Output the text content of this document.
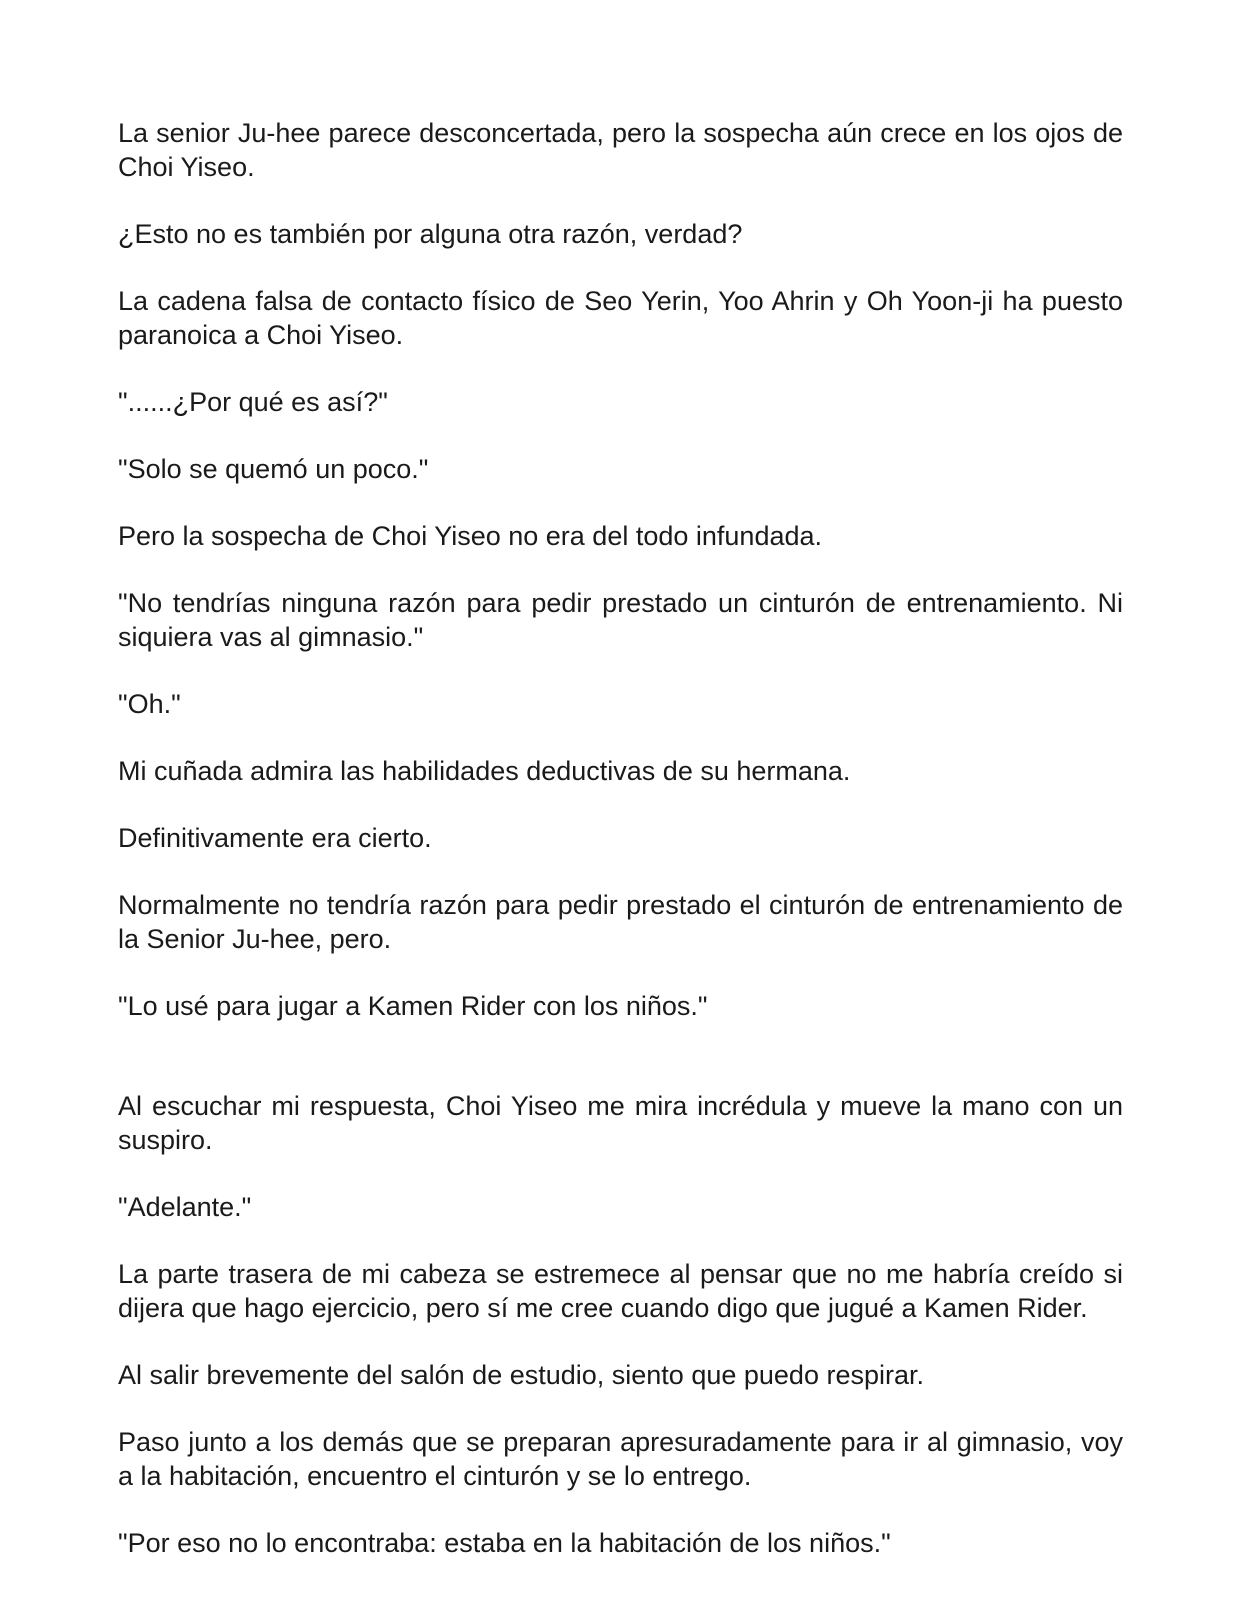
La senior Ju-hee parece desconcertada, pero la sospecha aún crece en los ojos de Choi Yiseo.

¿Esto no es también por alguna otra razón, verdad?

La cadena falsa de contacto físico de Seo Yerin, Yoo Ahrin y Oh Yoon-ji ha puesto paranoica a Choi Yiseo.

"......¿Por qué es así?"

"Solo se quemó un poco."

Pero la sospecha de Choi Yiseo no era del todo infundada.

"No tendrías ninguna razón para pedir prestado un cinturón de entrenamiento. Ni siquiera vas al gimnasio."

"Oh."

Mi cuñada admira las habilidades deductivas de su hermana.

Definitivamente era cierto.

Normalmente no tendría razón para pedir prestado el cinturón de entrenamiento de la Senior Ju-hee, pero.

"Lo usé para jugar a Kamen Rider con los niños."

Al escuchar mi respuesta, Choi Yiseo me mira incrédula y mueve la mano con un suspiro.

"Adelante."

La parte trasera de mi cabeza se estremece al pensar que no me habría creído si dijera que hago ejercicio, pero sí me cree cuando digo que jugué a Kamen Rider.

Al salir brevemente del salón de estudio, siento que puedo respirar.

Paso junto a los demás que se preparan apresuradamente para ir al gimnasio, voy a la habitación, encuentro el cinturón y se lo entrego.

"Por eso no lo encontraba: estaba en la habitación de los niños."
